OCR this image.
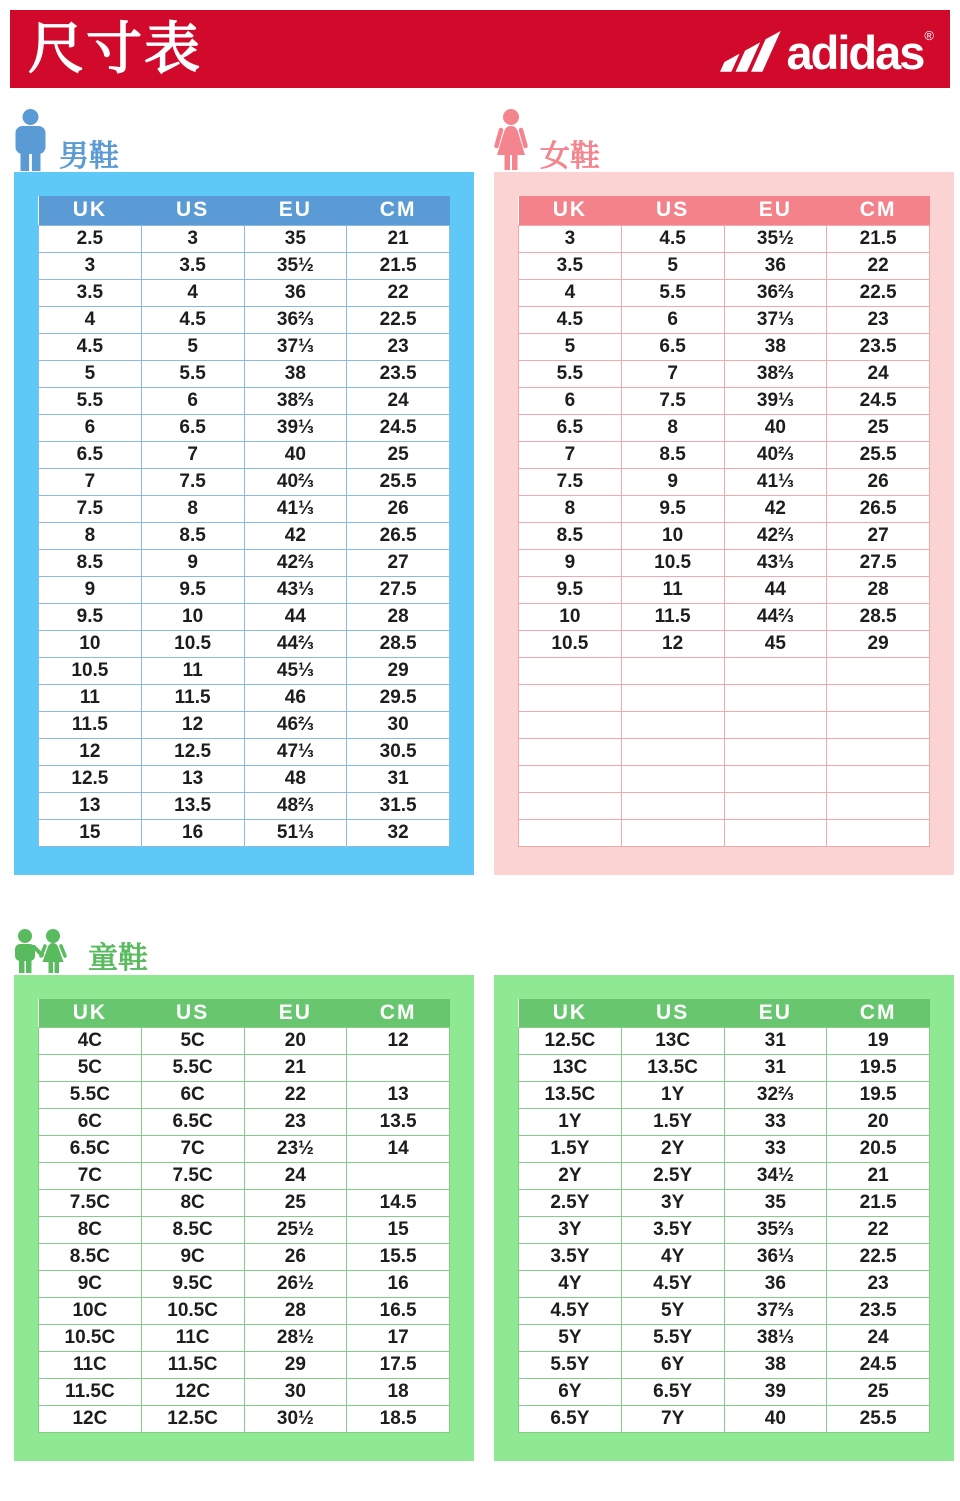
尺寸表	adidas ®
男鞋
UK	US	EU	CM
2.5	3	35	21
3	3.5	35½	21.5
3.5	4	36	22
4	4.5	36⅔	22.5
4.5	5	37⅓	23
5	5.5	38	23.5
5.5	6	38⅔	24
6	6.5	39⅓	24.5
6.5	7	40	25
7	7.5	40⅔	25.5
7.5	8	41⅓	26
8	8.5	42	26.5
8.5	9	42⅔	27
9	9.5	43⅓	27.5
9.5	10	44	28
10	10.5	44⅔	28.5
10.5	11	45⅓	29
11	11.5	46	29.5
11.5	12	46⅔	30
12	12.5	47⅓	30.5
12.5	13	48	31
13	13.5	48⅔	31.5
15	16	51⅓	32
女鞋
UK	US	EU	CM
3	4.5	35½	21.5
3.5	5	36	22
4	5.5	36⅔	22.5
4.5	6	37⅓	23
5	6.5	38	23.5
5.5	7	38⅔	24
6	7.5	39⅓	24.5
6.5	8	40	25
7	8.5	40⅔	25.5
7.5	9	41⅓	26
8	9.5	42	26.5
8.5	10	42⅔	27
9	10.5	43⅓	27.5
9.5	11	44	28
10	11.5	44⅔	28.5
10.5	12	45	29

童鞋
UK	US	EU	CM
4C	5C	20	12
5C	5.5C	21	
5.5C	6C	22	13
6C	6.5C	23	13.5
6.5C	7C	23½	14
7C	7.5C	24	
7.5C	8C	25	14.5
8C	8.5C	25½	15
8.5C	9C	26	15.5
9C	9.5C	26½	16
10C	10.5C	28	16.5
10.5C	11C	28½	17
11C	11.5C	29	17.5
11.5C	12C	30	18
12C	12.5C	30½	18.5
UK	US	EU	CM
12.5C	13C	31	19
13C	13.5C	31	19.5
13.5C	1Y	32⅔	19.5
1Y	1.5Y	33	20
1.5Y	2Y	33	20.5
2Y	2.5Y	34½	21
2.5Y	3Y	35	21.5
3Y	3.5Y	35⅔	22
3.5Y	4Y	36⅓	22.5
4Y	4.5Y	36	23
4.5Y	5Y	37⅔	23.5
5Y	5.5Y	38⅓	24
5.5Y	6Y	38	24.5
6Y	6.5Y	39	25
6.5Y	7Y	40	25.5
